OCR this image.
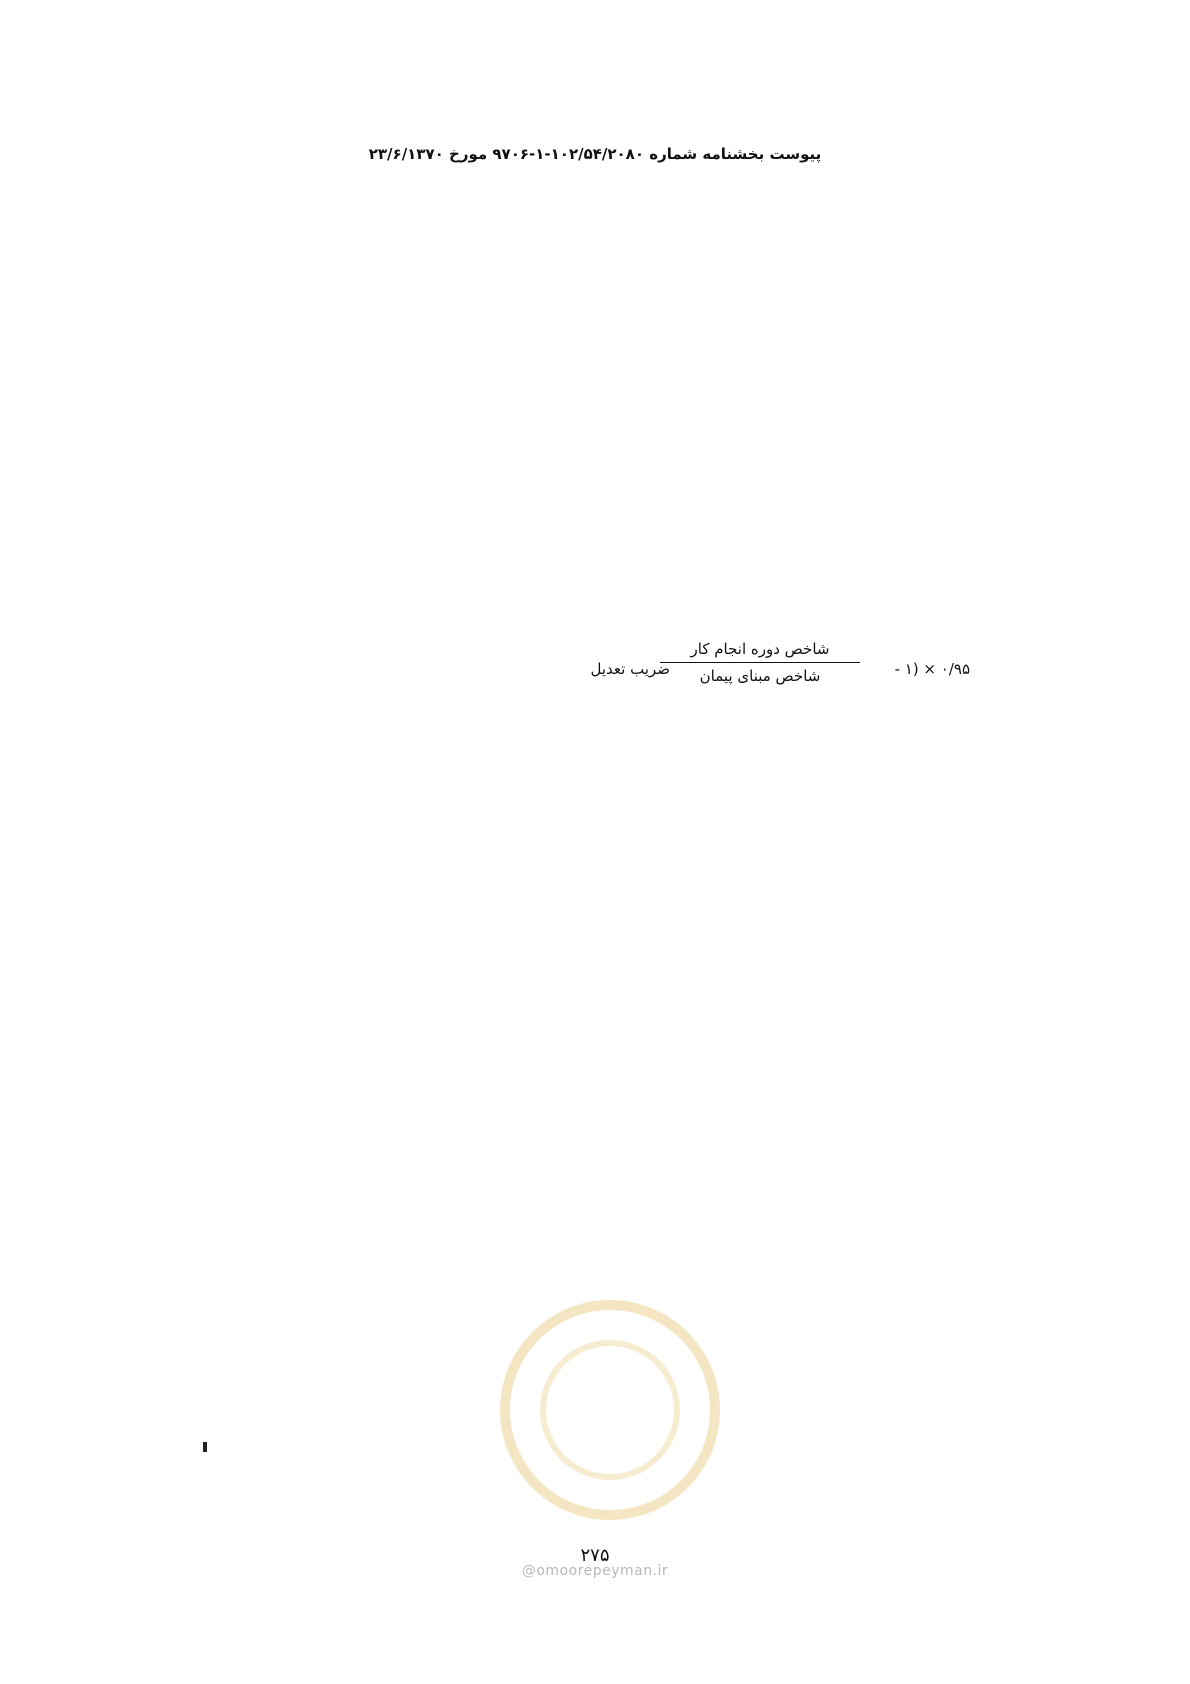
پیوست بخشنامه شماره ۱۰۲/۵۴/۲۰۸۰-۱-۹۷۰۶ مورخ ۲۳/۶/۱۳۷۰

ضریب تعدیل
شاخص دوره انجام کار
شاخص مبنای پیمان	- ۱) × ۰/۹۵

۲۷۵
@omoorepeyman.ir
